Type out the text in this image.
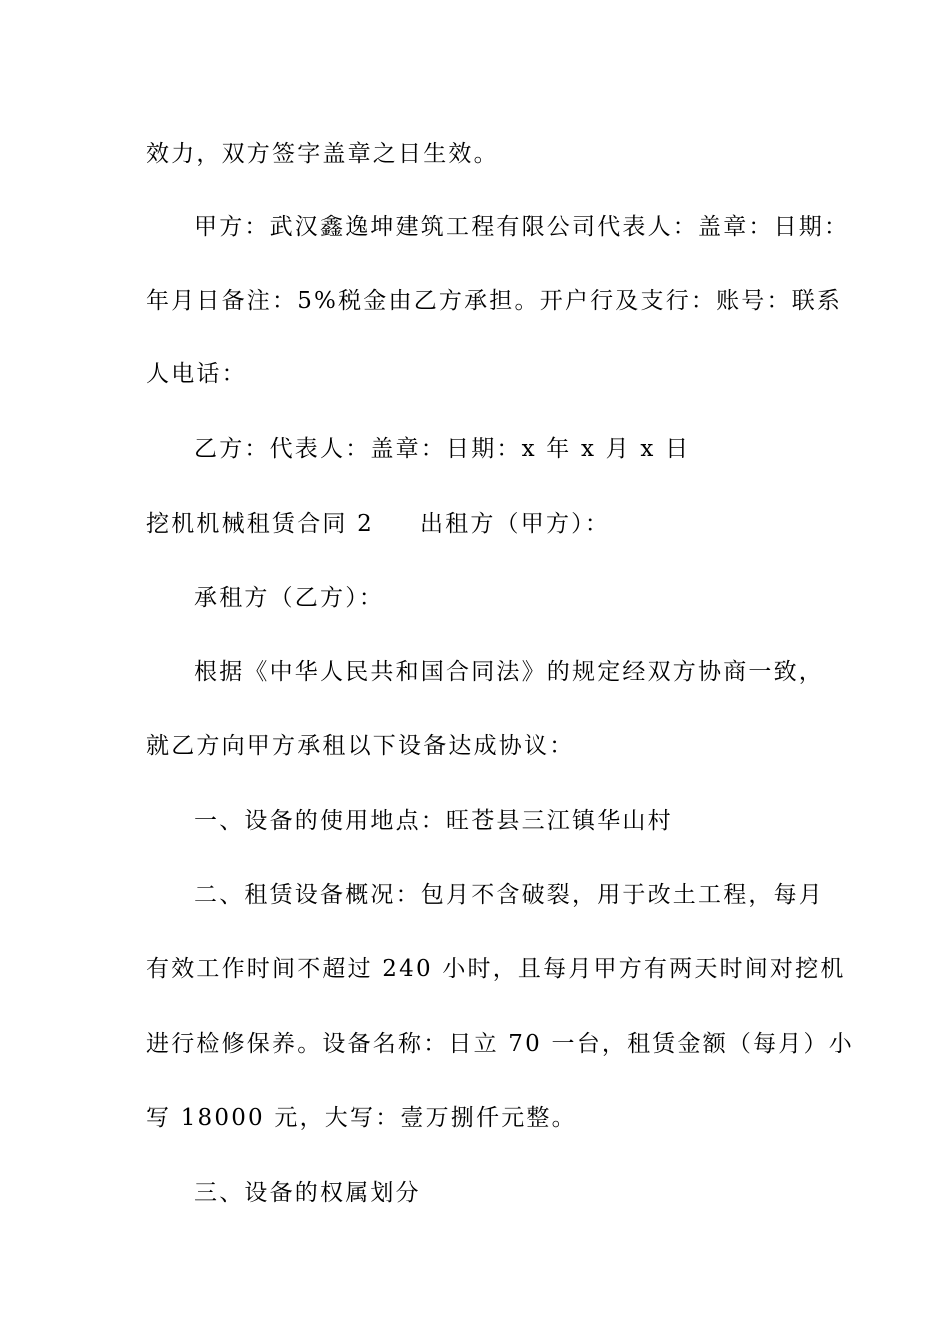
效力，双方签字盖章之日生效。
甲方：武汉鑫逸坤建筑工程有限公司代表人：盖章：日期：
年月日备注：5%税金由乙方承担。开户行及支行：账号：联系
人电话：
乙方：代表人：盖章：日期：x 年 x 月 x 日
挖机机械租赁合同 2 出租方（甲方）：
承租方（乙方）：
根据《中华人民共和国合同法》的规定经双方协商一致，
就乙方向甲方承租以下设备达成协议：
一、设备的使用地点：旺苍县三江镇华山村
二、租赁设备概况：包月不含破裂，用于改土工程，每月
有效工作时间不超过 240 小时，且每月甲方有两天时间对挖机
进行检修保养。设备名称：日立 70 一台，租赁金额（每月）小
写 18000 元，大写：壹万捌仟元整。
三、设备的权属划分
